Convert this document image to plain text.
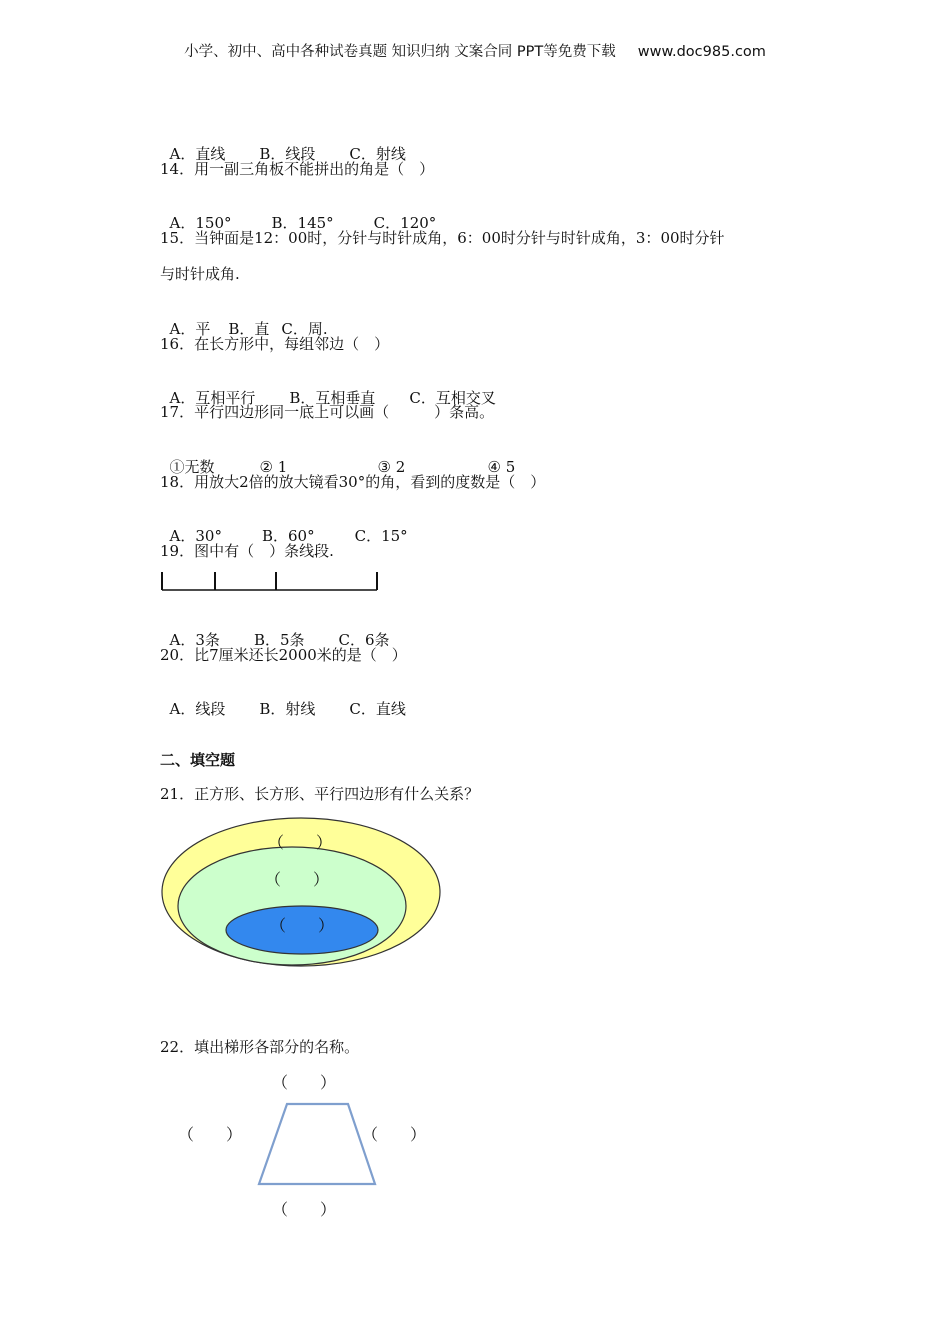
小学、初中、高中各种试卷真题 知识归纳 文案合同 PPT等免费下载 www.doc985.com

A．直线 B．线段 C．射线

14．用一副三角板不能拼出的角是（　）

A．150°	B．145°	C．120°

15．当钟面是12：00时，分针与时针成角，6：00时分针与时针成角，3：00时分针
与时针成角.

A．平 B．直 C．周.

16．在长方形中，每组邻边（　）

A．互相平行 B．互相垂直 C．互相交叉

17．平行四边形同一底上可以画（　　　）条高。

①无数	② 1	③ 2	④ 5

18．用放大2倍的放大镜看30°的角，看到的度数是（　）

A．30°	B．60°	C．15°

19．图中有（　）条线段.

A．3条 B．5条 C．6条

20．比7厘米还长2000米的是（　）

A．线段 B．射线 C．直线

二、填空题
21．正方形、长方形、平行四边形有什么关系？
（　　）
（　　）
（　　）
22．填出梯形各部分的名称。
（　　）
（　　）	（　　）
（　　）
